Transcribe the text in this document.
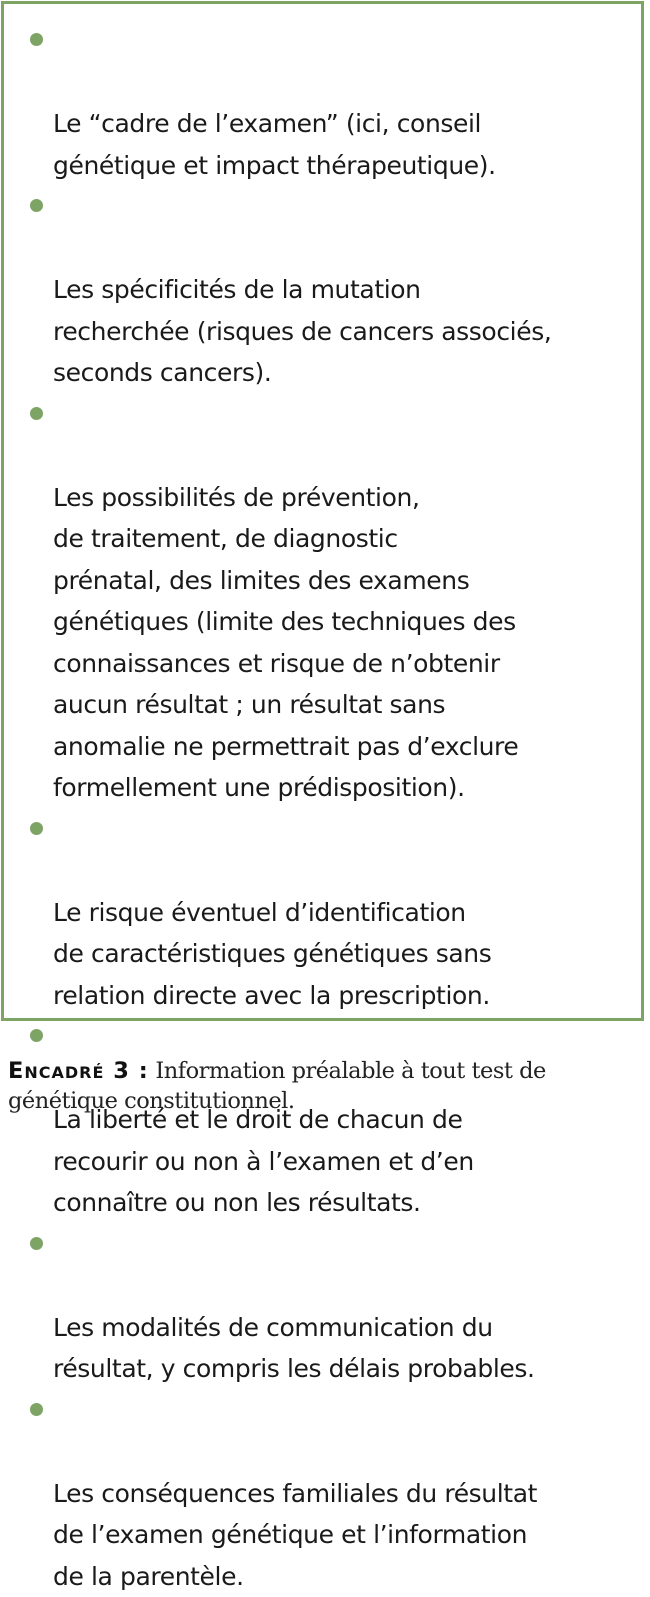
Le “cadre de l’examen” (ici, conseil
génétique et impact thérapeutique).

Les spécificités de la mutation
recherchée (risques de cancers associés,
seconds cancers).

Les possibilités de prévention,
de traitement, de diagnostic
prénatal, des limites des examens
génétiques (limite des techniques des
connaissances et risque de n’obtenir
aucun résultat ; un résultat sans
anomalie ne permettrait pas d’exclure
formellement une prédisposition).

Le risque éventuel d’identification
de caractéristiques génétiques sans
relation directe avec la prescription.

La liberté et le droit de chacun de
recourir ou non à l’examen et d’en
connaître ou non les résultats.

Les modalités de communication du
résultat, y compris les délais probables.

Les conséquences familiales du résultat
de l’examen génétique et l’information
de la parentèle.

Encadré 3 : Information préalable à tout test de génétique constitutionnel.
